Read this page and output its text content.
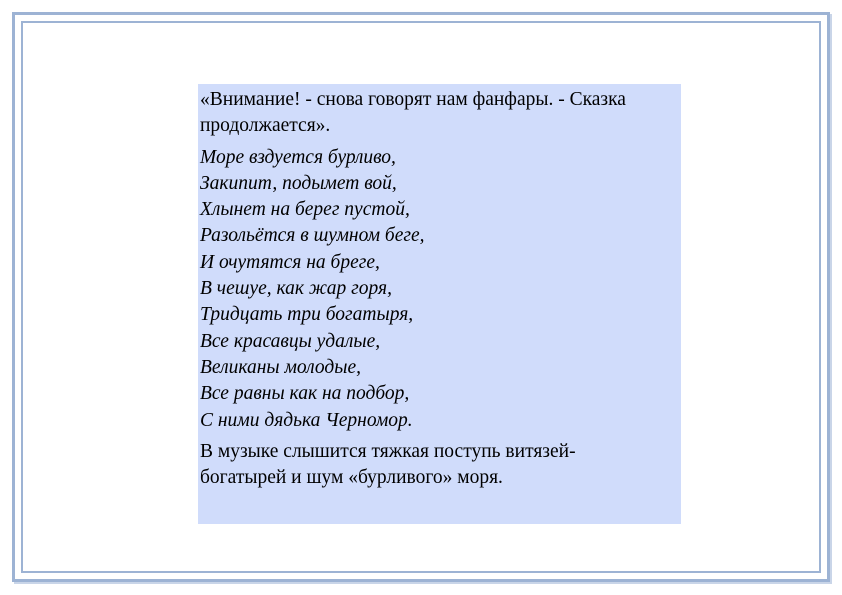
«Внимание! - снова говорят нам фанфары. - Сказка
продолжается».

Море вздуется бурливо,
Закипит, подымет вой,
Хлынет на берег пустой,
Разольётся в шумном беге,
И очутятся на бреге,
В чешуе, как жар горя,
Тридцать три богатыря,
Все красавцы удалые,
Великаны молодые,
Все равны как на подбор,
С ними дядька Черномор.

В музыке слышится тяжкая поступь витязей-
богатырей и шум «бурливого» моря.
